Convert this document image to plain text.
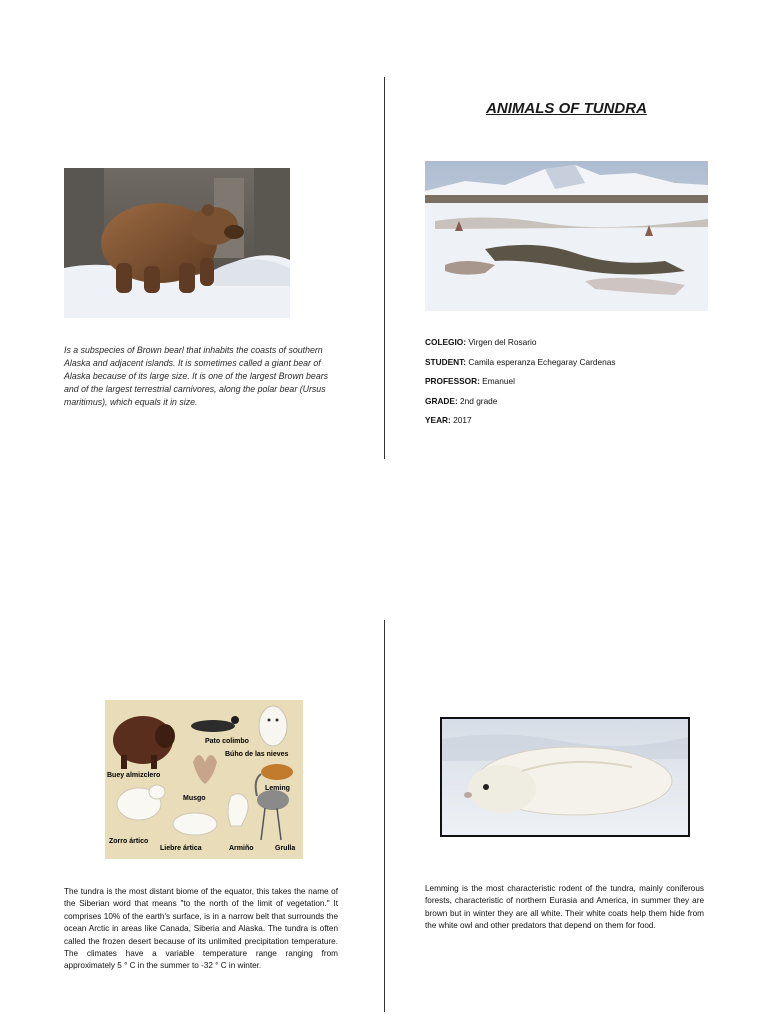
ANIMALS OF TUNDRA
Is a subspecies of Brown bearl that inhabits the coasts of southern Alaska and adjacent islands. It is sometimes called a giant bear of Alaska because of its large size. It is one of the largest Brown bears and of the largest terrestrial carnivores, along the polar bear (Ursus maritimus), which equals it in size.
COLEGIO: Virgen del Rosario
STUDENT: Camila esperanza Echegaray Cardenas
PROFESSOR: Emanuel
GRADE: 2nd grade
YEAR: 2017
Pato colimbo
Búho de las nieves
Buey almizclero
Leming
Musgo
Zorro ártico
Liebre ártica	Armiño	Grulla
The tundra is the most distant biome of the equator, this takes the name of the Siberian word that means "to the north of the limit of vegetation." It comprises 10% of the earth's surface, is in a narrow belt that surrounds the ocean Arctic in areas like Canada, Siberia and Alaska. The tundra is often called the frozen desert because of its unlimited precipitation temperature. The climates have a variable temperature range ranging from approximately 5 ° C in the summer to -32 ° C in winter.
Lemming is the most characteristic rodent of the tundra, mainly coniferous forests, characteristic of northern Eurasia and America, in summer they are brown but in winter they are all white. Their white coats help them hide from the white owl and other predators that depend on them for food.
